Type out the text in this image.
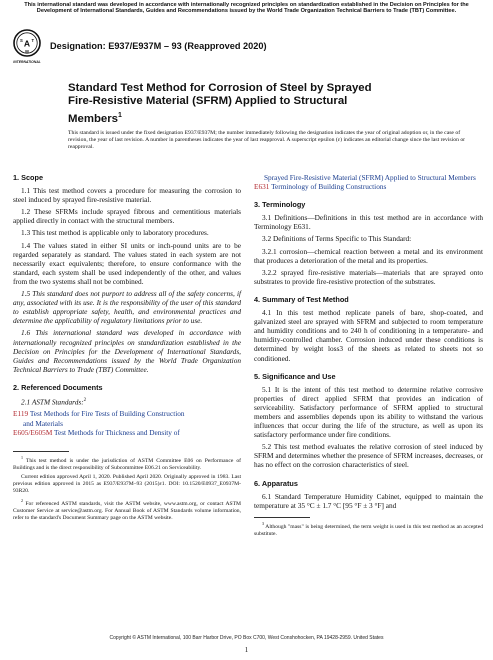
This international standard was developed in accordance with internationally recognized principles on standardization established in the Decision on Principles for the Development of International Standards, Guides and Recommendations issued by the World Trade Organization Technical Barriers to Trade (TBT) Committee.
A
S T
M
INTERNATIONAL
Designation: E937/E937M – 93 (Reapproved 2020)
Standard Test Method for Corrosion of Steel by Sprayed Fire-Resistive Material (SFRM) Applied to Structural Members$^1$
This standard is issued under the fixed designation E937/E937M; the number immediately following the designation indicates the year of original adoption or, in the case of revision, the year of last revision. A number in parentheses indicates the year of last reapproval. A superscript epsilon (ε) indicates an editorial change since the last revision or reapproval.
1. Scope

1.1 This test method covers a procedure for measuring the corrosion to steel induced by sprayed fire-resistive material.

1.2 These SFRMs include sprayed fibrous and cementitious materials applied directly in contact with the structural members.

1.3 This test method is applicable only to laboratory procedures.

1.4 The values stated in either SI units or inch-pound units are to be regarded separately as standard. The values stated in each system are not necessarily exact equivalents; therefore, to ensure conformance with the standard, each system shall be used independently of the other, and values from the two systems shall not be combined.

1.5 This standard does not purport to address all of the safety concerns, if any, associated with its use. It is the responsibility of the user of this standard to establish appropriate safety, health, and environmental practices and determine the applicability of regulatory limitations prior to use.

1.6 This international standard was developed in accordance with internationally recognized principles on standardization established in the Decision on Principles for the Development of International Standards, Guides and Recommendations issued by the World Trade Organization Technical Barriers to Trade (TBT) Committee.

2. Referenced Documents

2.1 ASTM Standards:$^2$

E119 Test Methods for Fire Tests of Building Construction

and Materials

E605/E605M Test Methods for Thickness and Density of

$^1$ This test method is under the jurisdiction of ASTM Committee E06 on Performance of Buildings and is the direct responsibility of Subcommittee E06.21 on Serviceability.

Current edition approved April 1, 2020. Published April 2020. Originally approved in 1983. Last previous edition approved in 2015 as E937/E937M–93 (2015)ε1. DOI: 10.1520/E0937_E0937M-93R20.

$^2$ For referenced ASTM standards, visit the ASTM website, www.astm.org, or contact ASTM Customer Service at service@astm.org. For Annual Book of ASTM Standards volume information, refer to the standard's Document Summary page on the ASTM website.

Sprayed Fire-Resistive Material (SFRM) Applied to Structural Members

E631 Terminology of Building Constructions

3. Terminology

3.1 Definitions—Definitions in this test method are in accordance with Terminology E631.

3.2 Definitions of Terms Specific to This Standard:

3.2.1 corrosion—chemical reaction between a metal and its environment that produces a deterioration of the metal and its properties.

3.2.2 sprayed fire-resistive materials—materials that are sprayed onto substrates to provide fire-resistive protection of the substrates.

4. Summary of Test Method

4.1 In this test method replicate panels of bare, shop-coated, and galvanized steel are sprayed with SFRM and subjected to room temperature and humidity conditions and to 240 h of conditioning in a temperature- and humidity-controlled chamber. Corrosion induced under these conditions is determined by weight loss3 of the sheets as related to sheets not so conditioned.

5. Significance and Use

5.1 It is the intent of this test method to determine relative corrosive properties of direct applied SFRM that provides an indication of serviceability. Satisfactory performance of SFRM applied to structural members and assemblies depends upon its ability to withstand the various influences that occur during the life of the structure, as well as upon its satisfactory performance under fire conditions.

5.2 This test method evaluates the relative corrosion of steel induced by SFRM and determines whether the presence of SFRM increases, decreases, or has no effect on the corrosion characteristics of steel.

6. Apparatus

6.1 Standard Temperature Humidity Cabinet, equipped to maintain the temperature at 35 °C ± 1.7 °C [95 °F ± 3 °F] and

$^3$ Although "mass" is being determined, the term weight is used in this test method as an accepted substitute.

Copyright © ASTM International, 100 Barr Harbor Drive, PO Box C700, West Conshohocken, PA 19428-2959. United States
1
